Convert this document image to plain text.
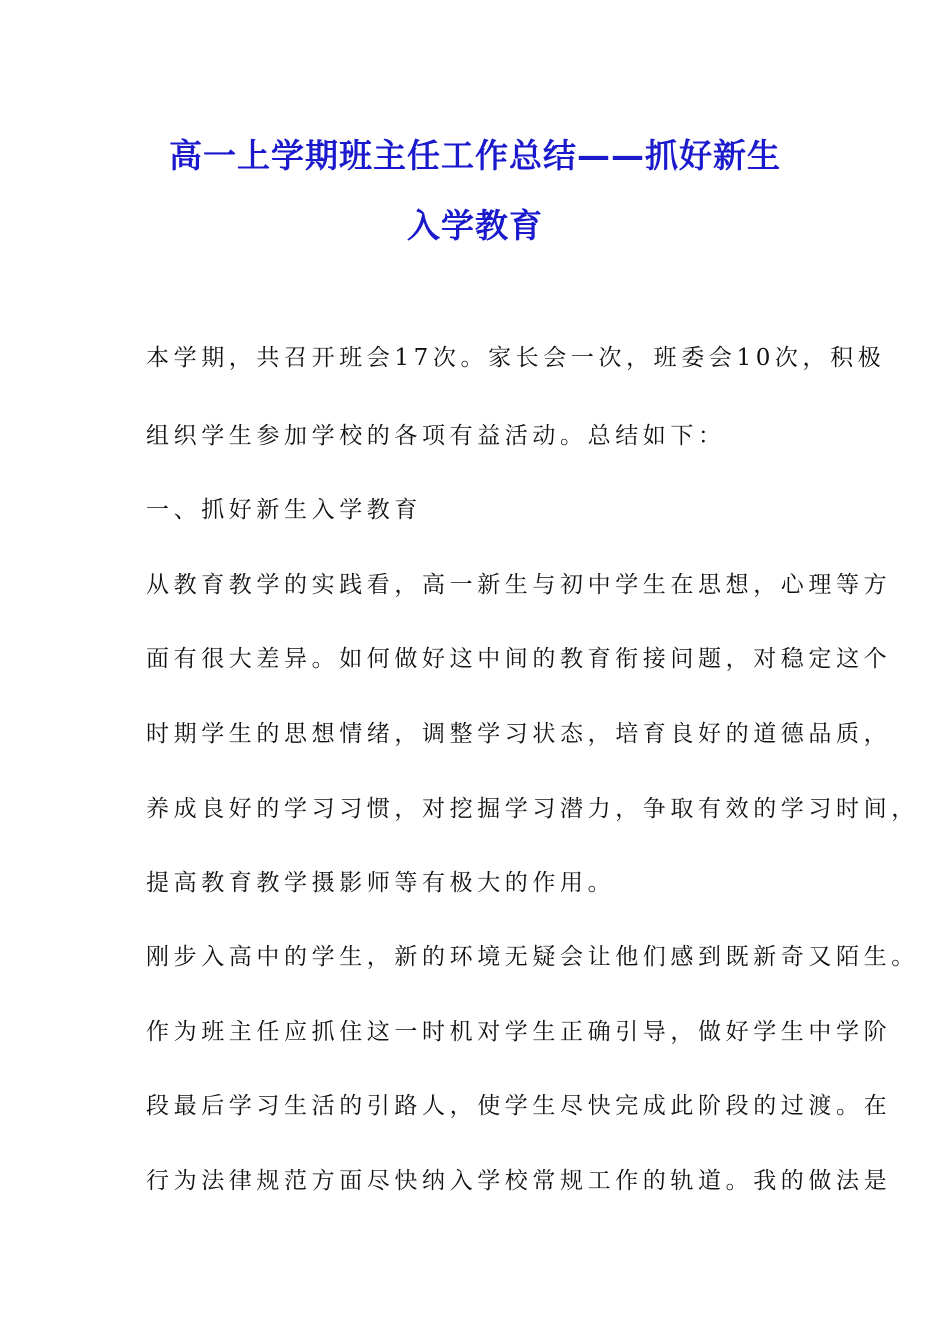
高一上学期班主任工作总结——抓好新生
入学教育
本学期，共召开班会17次。家长会一次，班委会10次，积极
组织学生参加学校的各项有益活动。总结如下：
一、抓好新生入学教育
从教育教学的实践看，高一新生与初中学生在思想，心理等方
面有很大差异。如何做好这中间的教育衔接问题，对稳定这个
时期学生的思想情绪，调整学习状态，培育良好的道德品质，
养成良好的学习习惯，对挖掘学习潜力，争取有效的学习时间，
提高教育教学摄影师等有极大的作用。
刚步入高中的学生，新的环境无疑会让他们感到既新奇又陌生。
作为班主任应抓住这一时机对学生正确引导，做好学生中学阶
段最后学习生活的引路人，使学生尽快完成此阶段的过渡。在
行为法律规范方面尽快纳入学校常规工作的轨道。我的做法是
